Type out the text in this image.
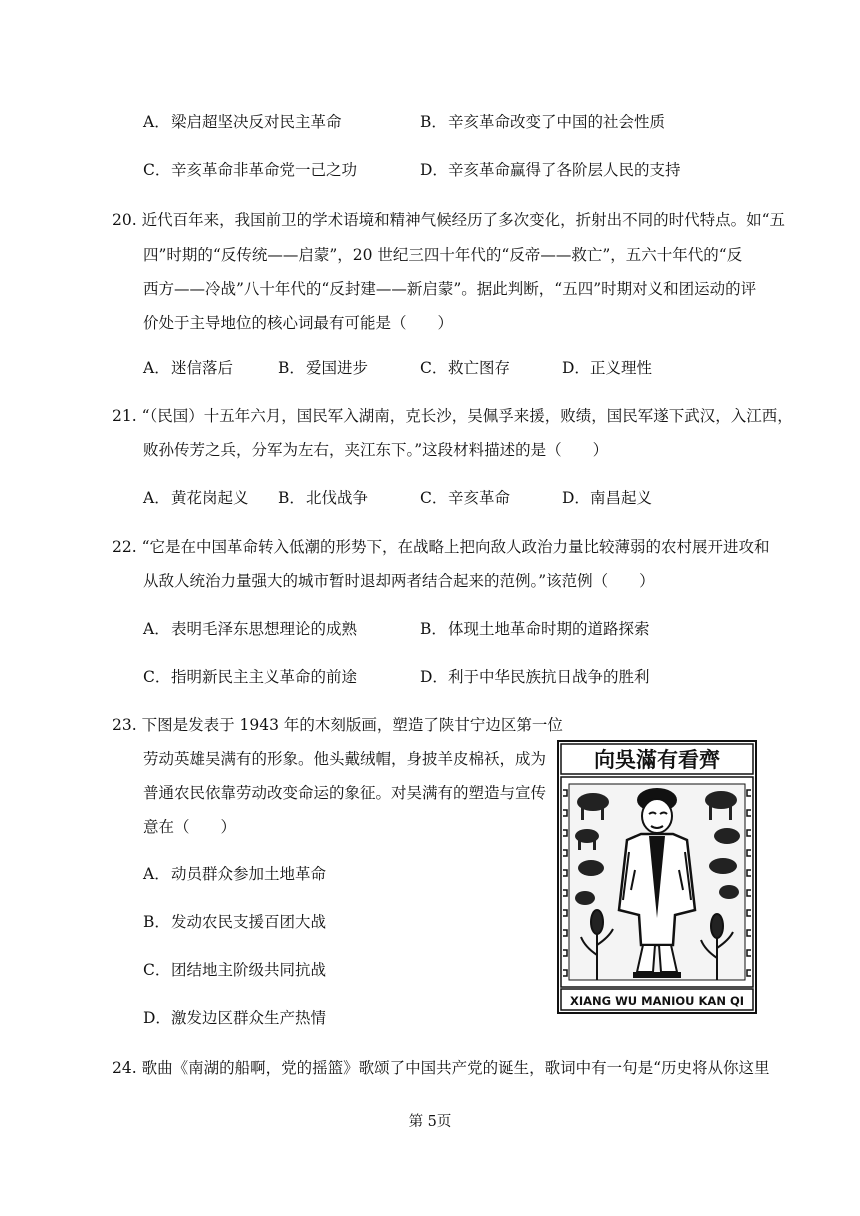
A．梁启超坚决反对民主革命	B．辛亥革命改变了中国的社会性质
C．辛亥革命非革命党一己之功	D．辛亥革命赢得了各阶层人民的支持
20. 近代百年来，我国前卫的学术语境和精神气候经历了多次变化，折射出不同的时代特点。如“五
四”时期的“反传统——启蒙”，20 世纪三四十年代的“反帝——救亡”，五六十年代的“反
西方——冷战”八十年代的“反封建——新启蒙”。据此判断，“五四”时期对义和团运动的评
价处于主导地位的核心词最有可能是（　　）
A．迷信落后	B．爱国进步	C．救亡图存	D．正义理性
21. “（民国）十五年六月，国民军入湖南，克长沙，吴佩孚来援，败绩，国民军遂下武汉，入江西，
败孙传芳之兵，分军为左右，夹江东下。”这段材料描述的是（　　）
A．黄花岗起义 B．北伐战争	C．辛亥革命	D．南昌起义
22. “它是在中国革命转入低潮的形势下，在战略上把向敌人政治力量比较薄弱的农村展开进攻和
从敌人统治力量强大的城市暂时退却两者结合起来的范例。”该范例（　　）
A．表明毛泽东思想理论的成熟	B．体现土地革命时期的道路探索
C．指明新民主主义革命的前途	D．利于中华民族抗日战争的胜利
23. 下图是发表于 1943 年的木刻版画，塑造了陕甘宁边区第一位
劳动英雄吴满有的形象。他头戴绒帽，身披羊皮棉袄，成为
普通农民依靠劳动改变命运的象征。对吴满有的塑造与宣传
意在（　　）
A．动员群众参加土地革命
B．发动农民支援百团大战
C．团结地主阶级共同抗战
D．激发边区群众生产热情
向吳滿有看齊
XIANG WU MANIOU KAN QI
24. 歌曲《南湖的船啊，党的摇篮》歌颂了中国共产党的诞生，歌词中有一句是“历史将从你这里
第 5页
